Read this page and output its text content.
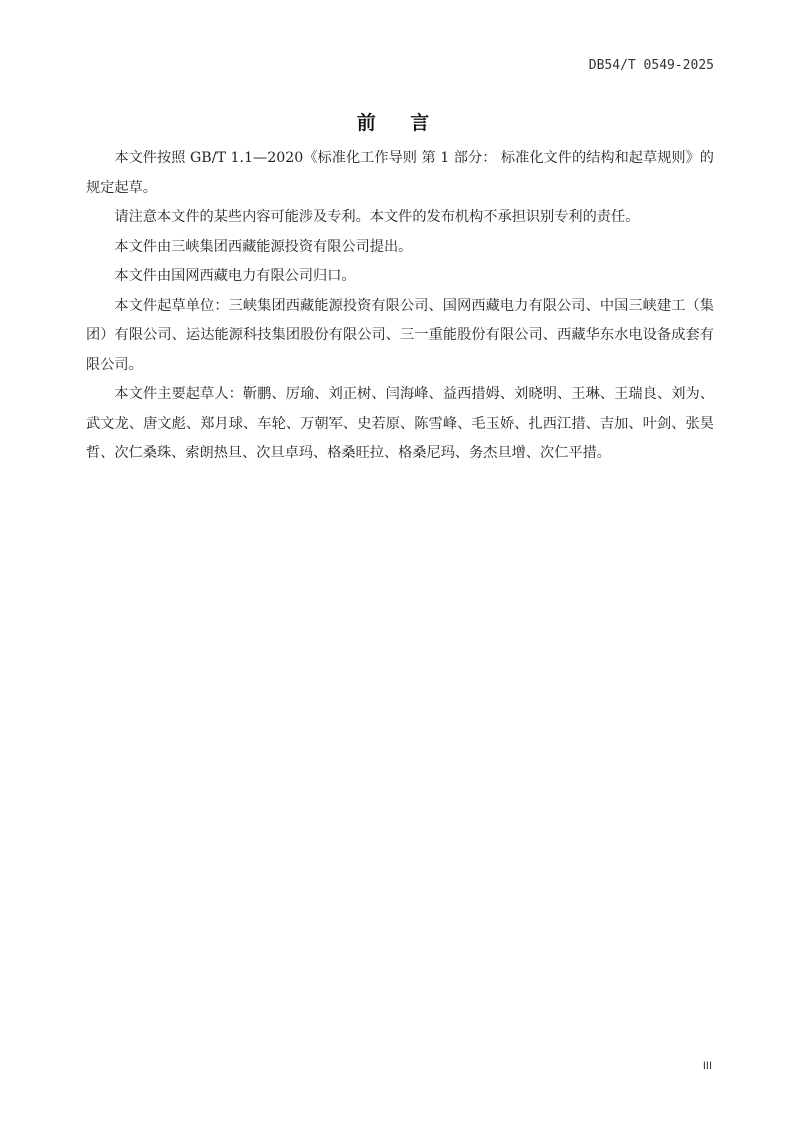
DB54/T 0549-2025
前 言

本文件按照 GB/T 1.1—2020《标准化工作导则 第 1 部分： 标准化文件的结构和起草规则》的规定起草。

请注意本文件的某些内容可能涉及专利。本文件的发布机构不承担识别专利的责任。

本文件由三峡集团西藏能源投资有限公司提出。

本文件由国网西藏电力有限公司归口。

本文件起草单位：三峡集团西藏能源投资有限公司、国网西藏电力有限公司、中国三峡建工（集团）有限公司、运达能源科技集团股份有限公司、三一重能股份有限公司、西藏华东水电设备成套有限公司。

本文件主要起草人：靳鹏、厉瑜、刘正树、闫海峰、益西措姆、刘晓明、王琳、王瑞良、刘为、武文龙、唐文彪、郑月球、车轮、万朝军、史若原、陈雪峰、毛玉娇、扎西江措、吉加、叶剑、张昊哲、次仁桑珠、索朗热旦、次旦卓玛、格桑旺拉、格桑尼玛、务杰旦增、次仁平措。

III
